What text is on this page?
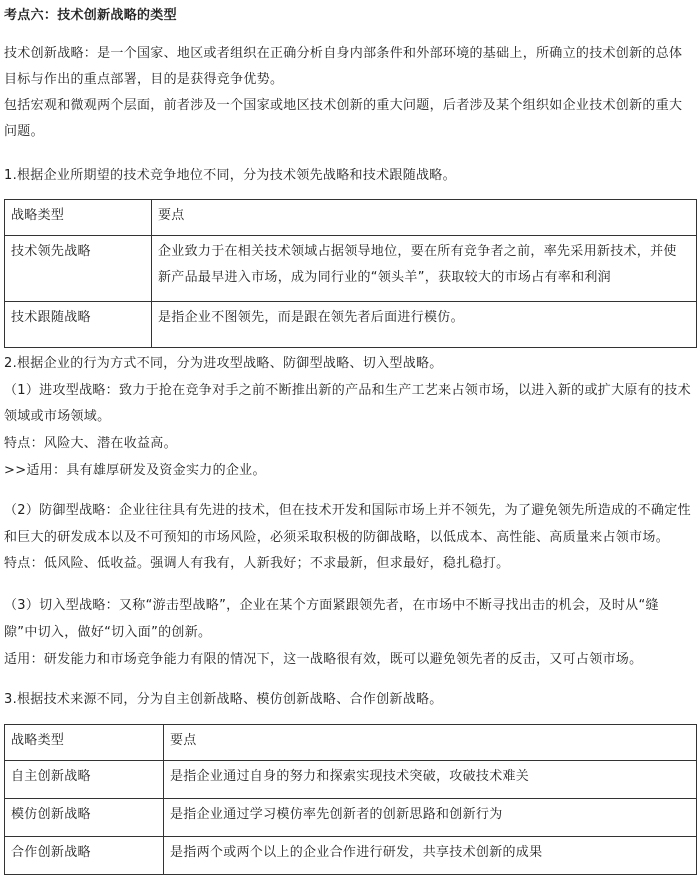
考点六：技术创新战略的类型
技术创新战略：是一个国家、地区或者组织在正确分析自身内部条件和外部环境的基础上，所确立的技术创新的总体
目标与作出的重点部署，目的是获得竞争优势。
包括宏观和微观两个层面，前者涉及一个国家或地区技术创新的重大问题，后者涉及某个组织如企业技术创新的重大
问题。
1.根据企业所期望的技术竞争地位不同，分为技术领先战略和技术跟随战略。
战略类型	要点

技术领先战略	企业致力于在相关技术领域占据领导地位，要在所有竞争者之前，率先采用新技术，并使
新产品最早进入市场，成为同行业的“领头羊”，获取较大的市场占有率和利润

技术跟随战略	是指企业不图领先，而是跟在领先者后面进行模仿。
2.根据企业的行为方式不同，分为进攻型战略、防御型战略、切入型战略。
（1）进攻型战略：致力于抢在竞争对手之前不断推出新的产品和生产工艺来占领市场，以进入新的或扩大原有的技术
领域或市场领域。
特点：风险大、潜在收益高。
>>适用：具有雄厚研发及资金实力的企业。
（2）防御型战略：企业往往具有先进的技术，但在技术开发和国际市场上并不领先，为了避免领先所造成的不确定性
和巨大的研发成本以及不可预知的市场风险，必须采取积极的防御战略，以低成本、高性能、高质量来占领市场。
特点：低风险、低收益。强调人有我有，人新我好；不求最新，但求最好，稳扎稳打。
（3）切入型战略：又称“游击型战略”，企业在某个方面紧跟领先者，在市场中不断寻找出击的机会，及时从“缝
隙”中切入，做好“切入面”的创新。
适用：研发能力和市场竞争能力有限的情况下，这一战略很有效，既可以避免领先者的反击，又可占领市场。
3.根据技术来源不同，分为自主创新战略、模仿创新战略、合作创新战略。
战略类型	要点

自主创新战略	是指企业通过自身的努力和探索实现技术突破，攻破技术难关

模仿创新战略	是指企业通过学习模仿率先创新者的创新思路和创新行为

合作创新战略	是指两个或两个以上的企业合作进行研发，共享技术创新的成果
